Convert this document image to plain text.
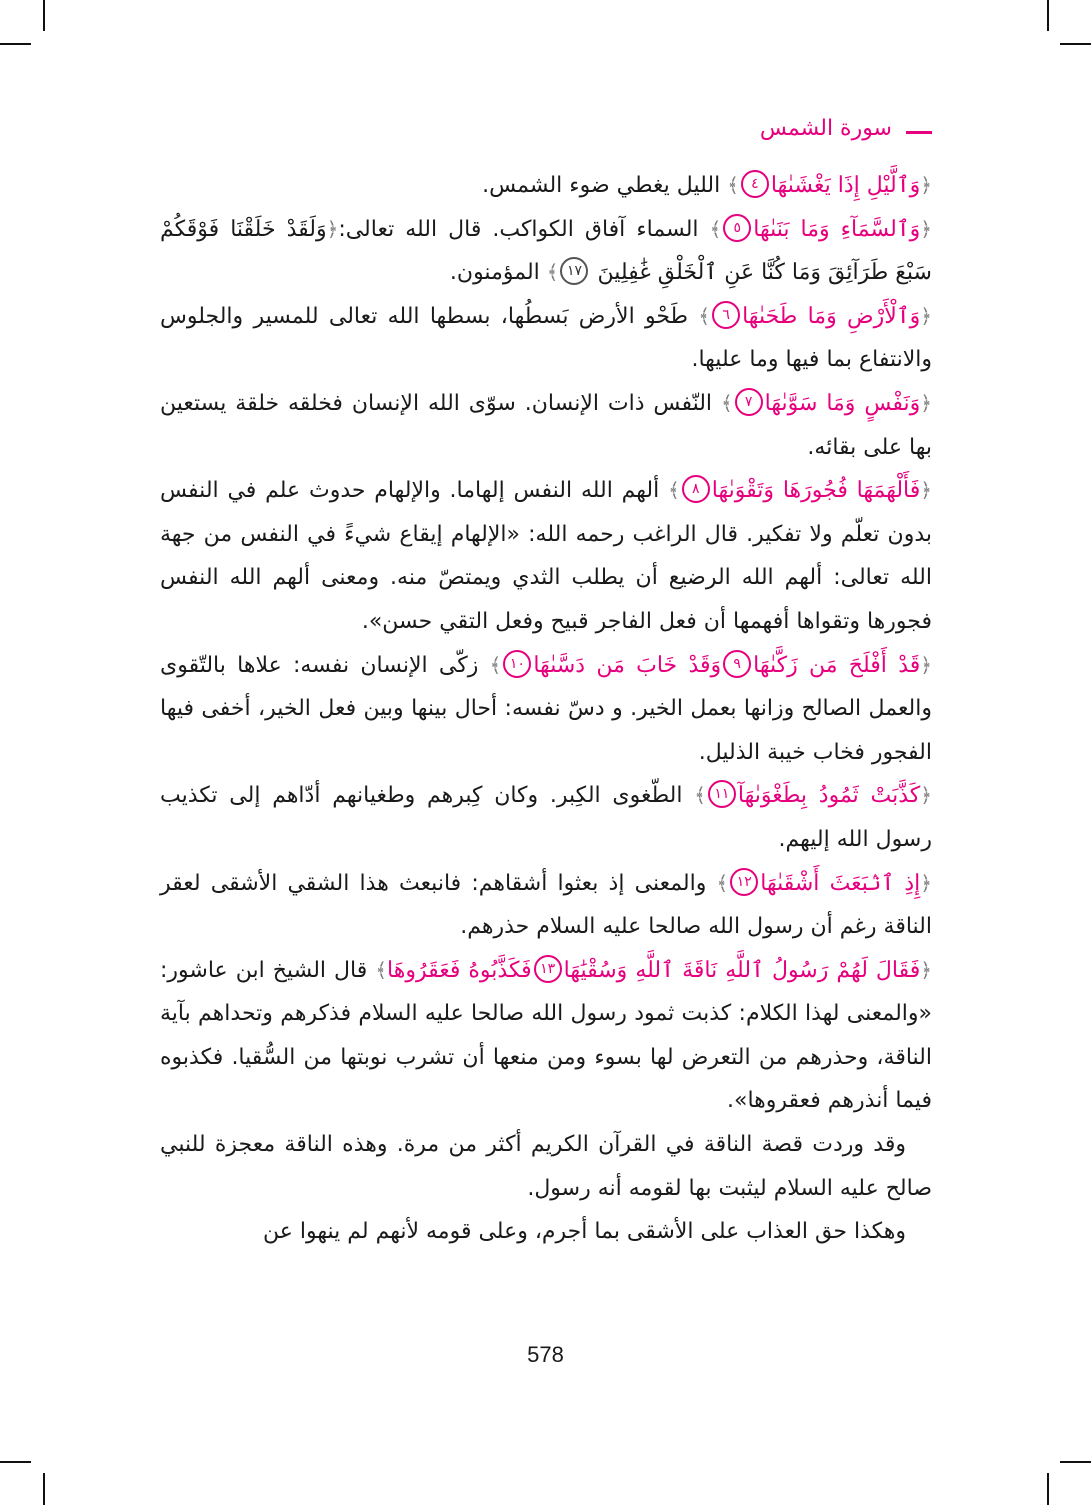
سورة الشمس

﴿وَٱلَّيْلِ إِذَا يَغْشَىٰهَا٤﴾ الليل يغطي ضوء الشمس.

﴿وَٱلسَّمَآءِ وَمَا بَنَىٰهَا٥﴾ السماء آفاق الكواكب. قال الله تعالى:﴿وَلَقَدْ خَلَقْنَا فَوْقَكُمْ سَبْعَ طَرَآئِقَ وَمَا كُنَّا عَنِ ٱلْخَلْقِ غَٰفِلِينَ ١٧﴾ المؤمنون.

﴿وَٱلْأَرْضِ وَمَا طَحَىٰهَا٦﴾ طَحْو الأرض بَسطُها، بسطها الله تعالى للمسير والجلوس والانتفاع بما فيها وما عليها.

﴿وَنَفْسٍ وَمَا سَوَّىٰهَا٧﴾ النّفس ذات الإنسان. سوّى الله الإنسان فخلقه خلقة يستعين بها على بقائه.

﴿فَأَلْهَمَهَا فُجُورَهَا وَتَقْوَىٰهَا٨﴾ ألهم الله النفس إلهاما. والإلهام حدوث علم في النفس بدون تعلّم ولا تفكير. قال الراغب رحمه الله: «الإلهام إيقاع شيءً في النفس من جهة الله تعالى: ألهم الله الرضيع أن يطلب الثدي ويمتصّ منه. ومعنى ألهم الله النفس فجورها وتقواها أفهمها أن فعل الفاجر قبيح وفعل التقي حسن».

﴿قَدْ أَفْلَحَ مَن زَكَّىٰهَا٩وَقَدْ خَابَ مَن دَسَّىٰهَا١٠﴾ زكّى الإنسان نفسه: علاها بالتّقوى والعمل الصالح وزانها بعمل الخير. و دسّ نفسه: أحال بينها وبين فعل الخير، أخفى فيها الفجور فخاب خيبة الذليل.

﴿كَذَّبَتْ ثَمُودُ بِطَغْوَىٰهَآ١١﴾ الطّغوى الكِبر. وكان كِبرهم وطغيانهم أدّاهم إلى تكذيب رسول الله إليهم.

﴿إِذِ ٱنۢبَعَثَ أَشْقَىٰهَا١٢﴾ والمعنى إذ بعثوا أشقاهم: فانبعث هذا الشقي الأشقى لعقر الناقة رغم أن رسول الله صالحا عليه السلام حذرهم.

﴿فَقَالَ لَهُمْ رَسُولُ ٱللَّهِ نَاقَةَ ٱللَّهِ وَسُقْيَٰهَا١٣فَكَذَّبُوهُ فَعَقَرُوهَا﴾ قال الشيخ ابن عاشور: «والمعنى لهذا الكلام: كذبت ثمود رسول الله صالحا عليه السلام فذكرهم وتحداهم بآية الناقة، وحذرهم من التعرض لها بسوء ومن منعها أن تشرب نوبتها من السُّقيا. فكذبوه فيما أنذرهم فعقروها».

وقد وردت قصة الناقة في القرآن الكريم أكثر من مرة. وهذه الناقة معجزة للنبي صالح عليه السلام ليثبت بها لقومه أنه رسول.

وهكذا حق العذاب على الأشقى بما أجرم، وعلى قومه لأنهم لم ينهوا عن

578
